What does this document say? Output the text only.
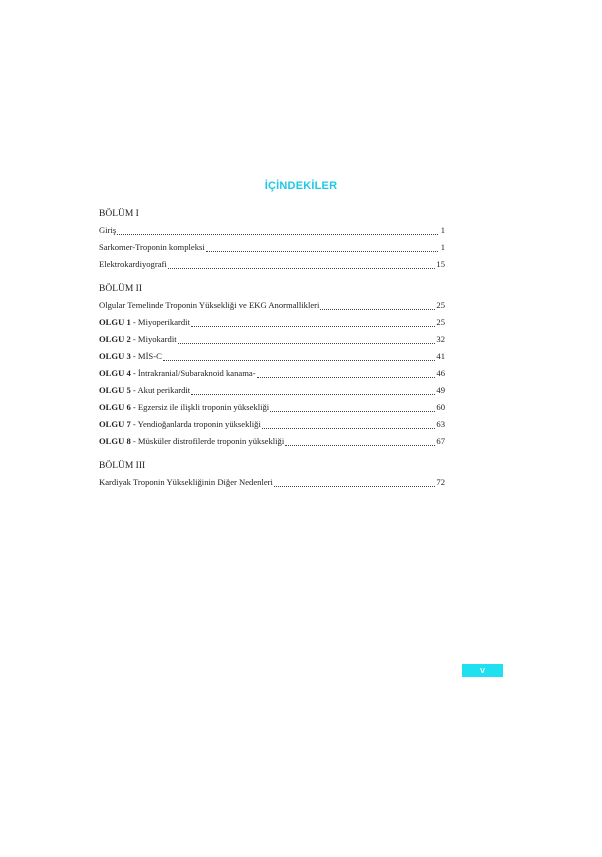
İÇİNDEKİLER
BÖLÜM I
Giriş	1
Sarkomer-Troponin kompleksi	1
Elektrokardiyografi	15
BÖLÜM II
Olgular Temelinde Troponin Yüksekliği ve EKG Anormallikleri	25
OLGU 1 - Miyoperikardit	25
OLGU 2 - Miyokardit	32
OLGU 3 - MİS-C	41
OLGU 4 - İntrakranial/Subaraknoid kanama-	46
OLGU 5 - Akut perikardit	49
OLGU 6 - Egzersiz ile ilişkli troponin yüksekliği	60
OLGU 7 - Yendioğanlarda troponin yüksekliği	63
OLGU 8 - Müsküler distrofilerde troponin yüksekliği	67
BÖLÜM III
Kardiyak Troponin Yüksekliğinin Diğer Nedenleri	72
V
